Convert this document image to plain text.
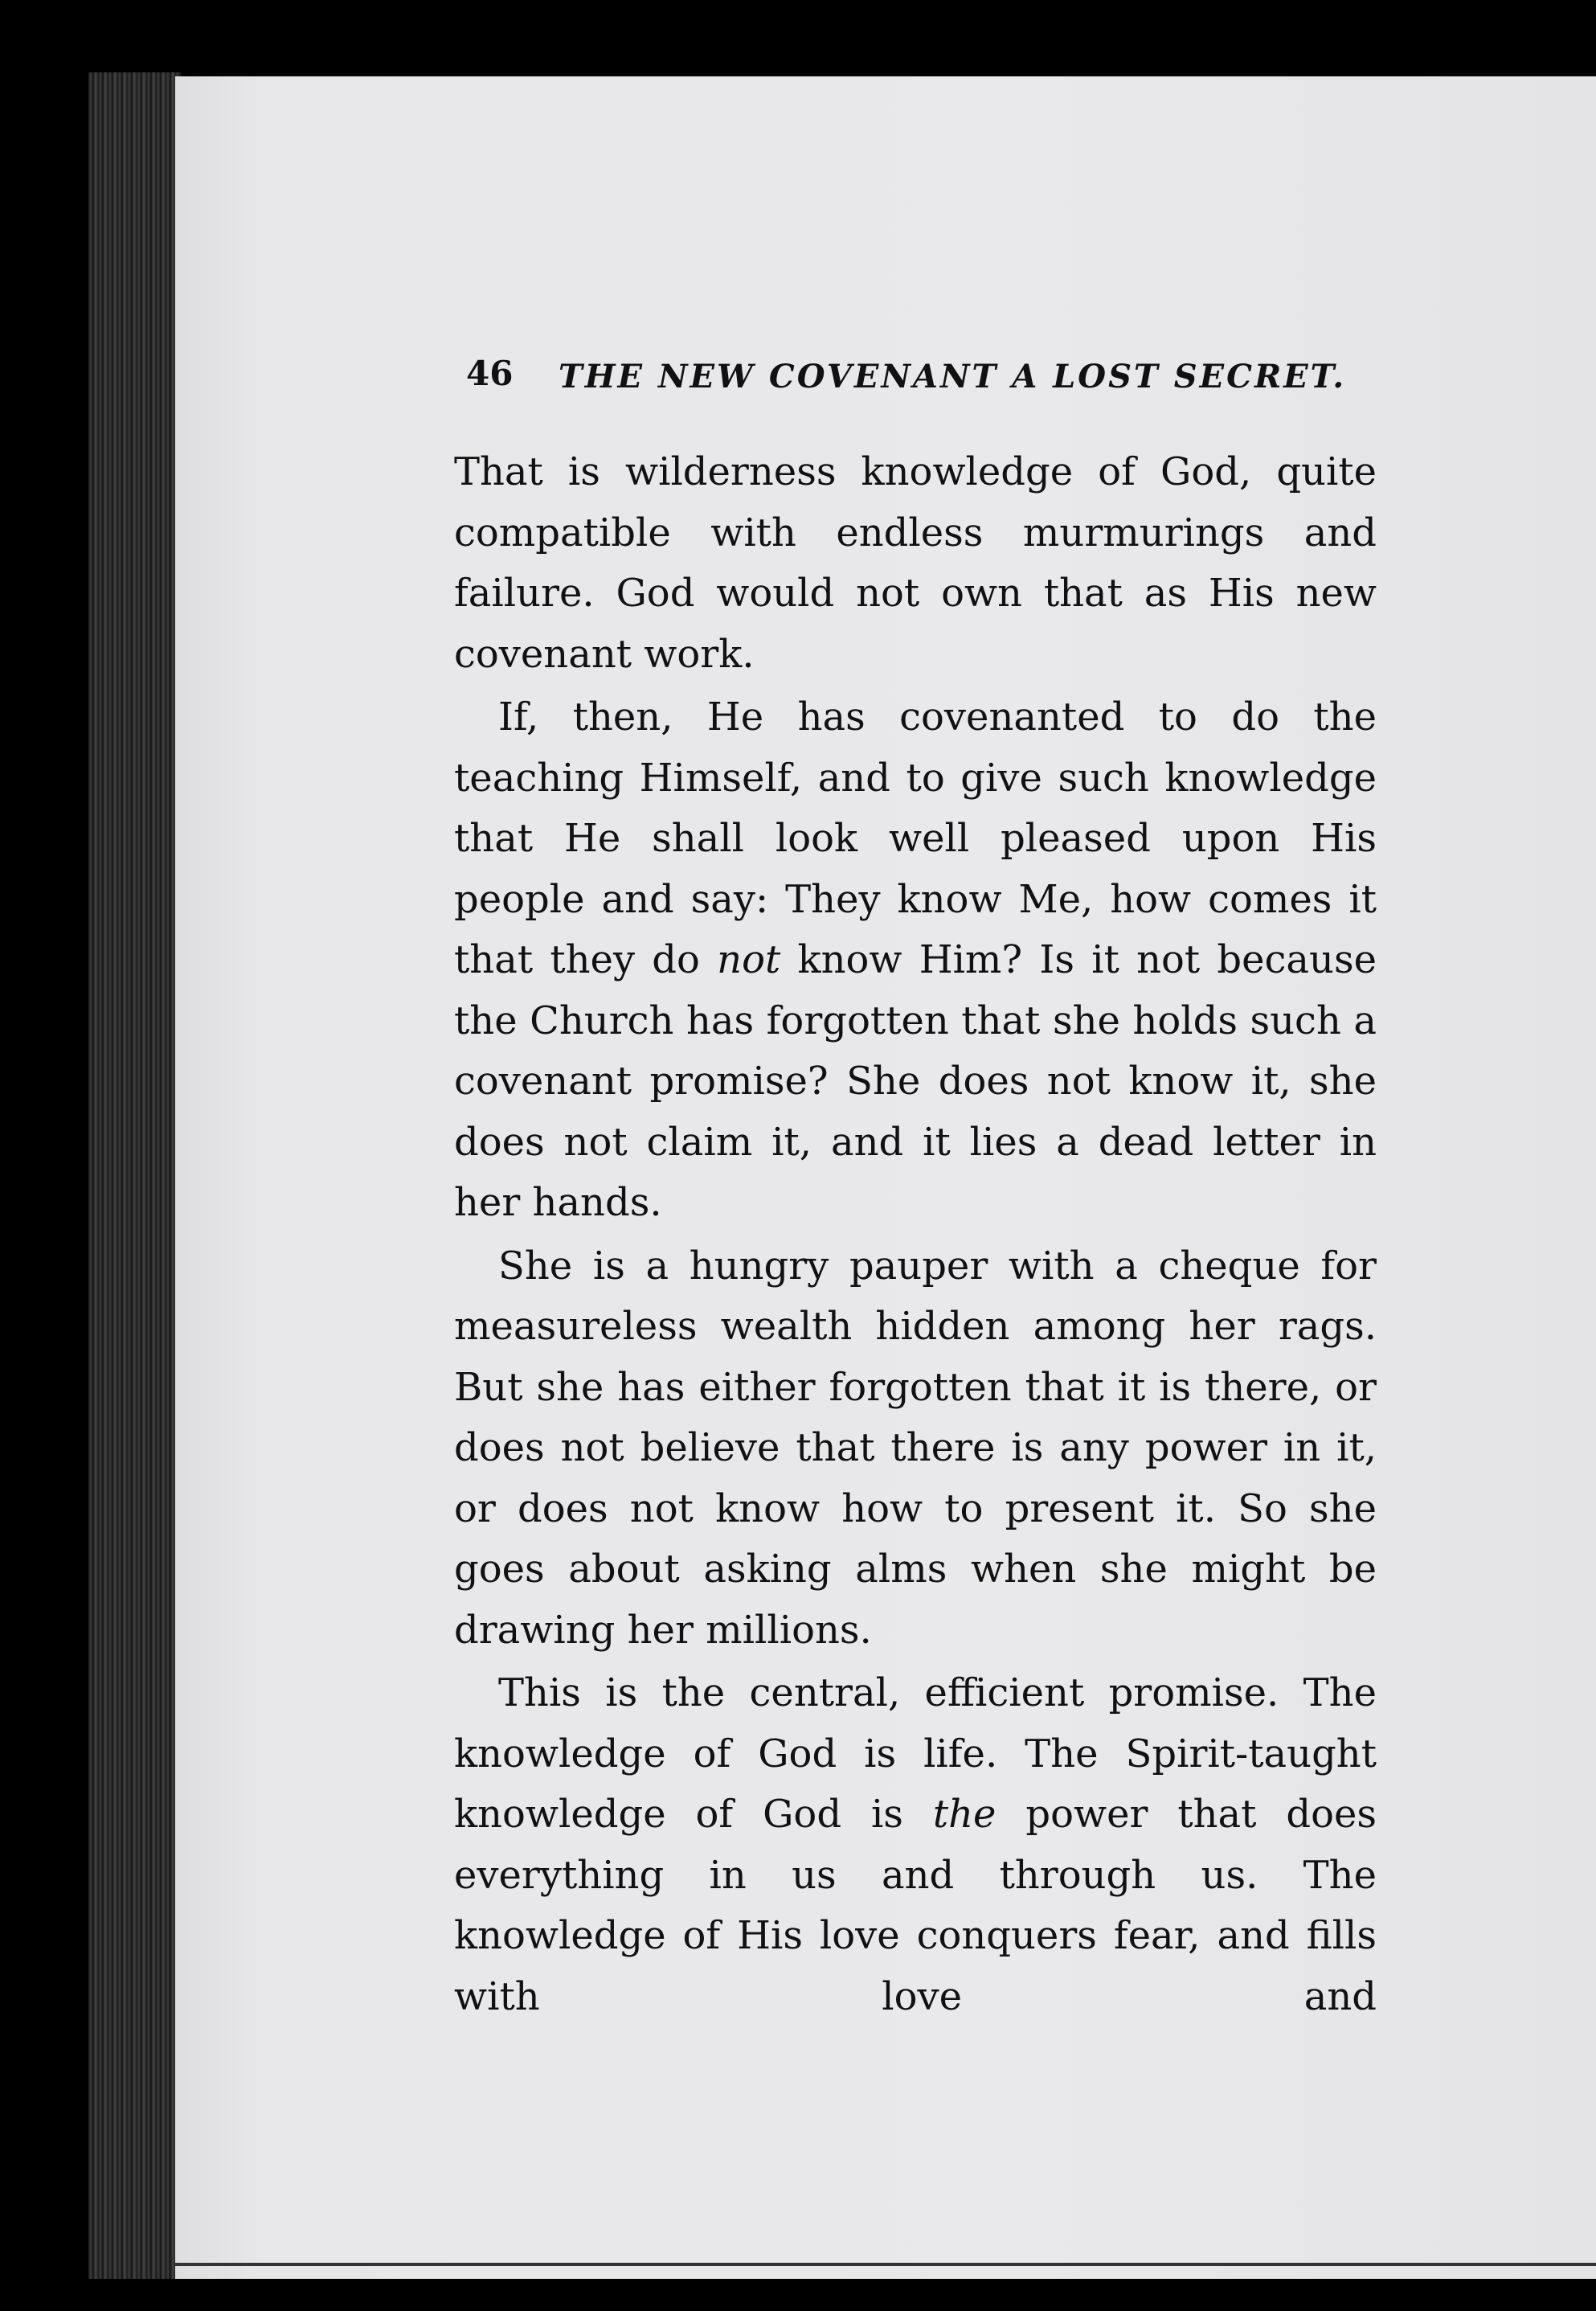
46 THE NEW COVENANT A LOST SECRET.

That is wilderness knowledge of God, quite compatible with endless murmurings and failure. God would not own that as His new covenant work.

If, then, He has covenanted to do the teaching Himself, and to give such knowledge that He shall look well pleased upon His people and say: They know Me, how comes it that they do not know Him? Is it not because the Church has forgotten that she holds such a covenant promise? She does not know it, she does not claim it, and it lies a dead letter in her hands.

She is a hungry pauper with a cheque for measureless wealth hidden among her rags. But she has either forgotten that it is there, or does not believe that there is any power in it, or does not know how to present it. So she goes about asking alms when she might be drawing her millions.

This is the central, efficient promise. The knowledge of God is life. The Spirit-taught knowledge of God is the power that does everything in us and through us. The knowledge of His love conquers fear, and fills with love and
